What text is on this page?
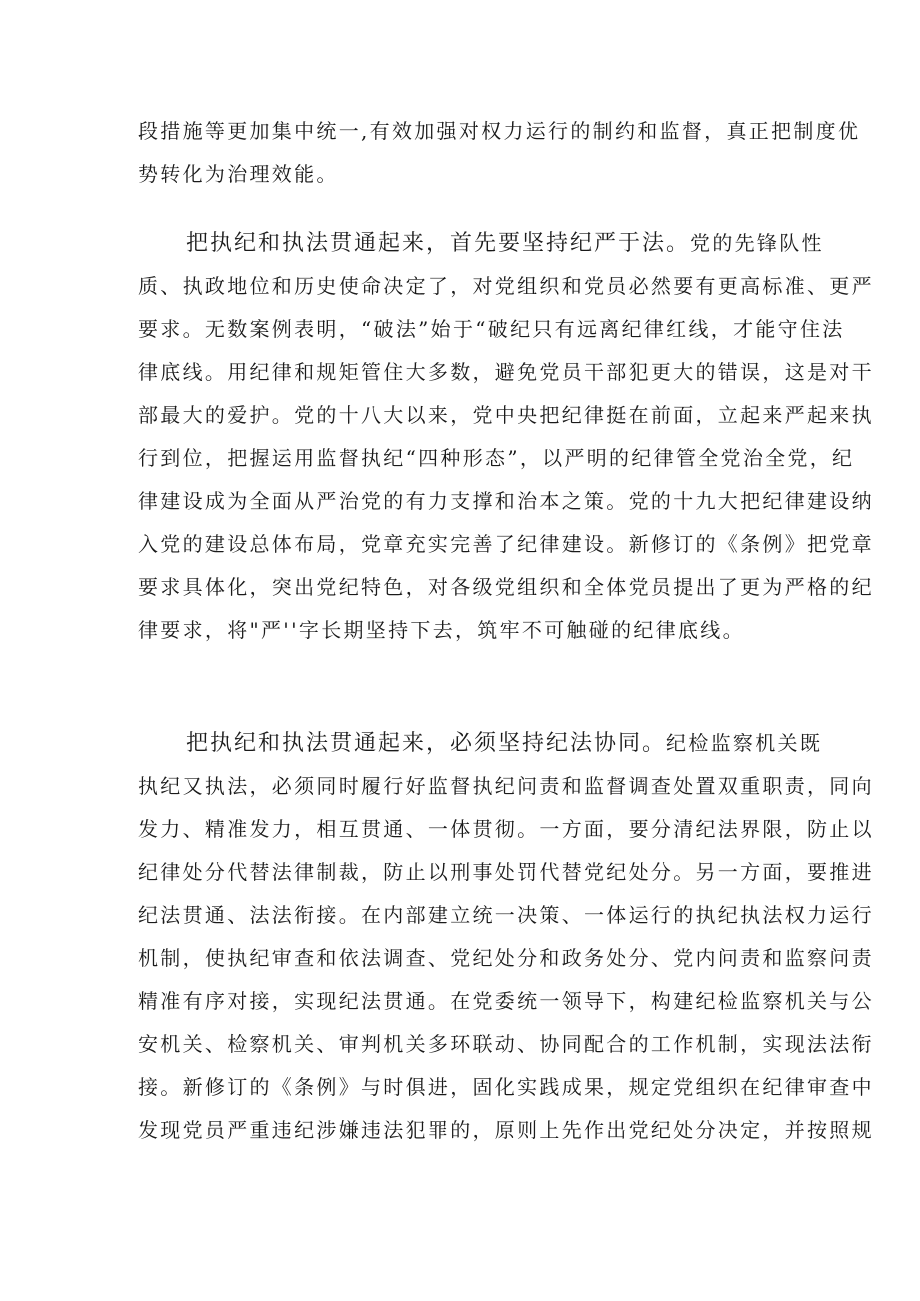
段措施等更加集中统一,有效加强对权力运行的制约和监督，真正把制度优
势转化为治理效能。
把执纪和执法贯通起来，首先要坚持纪严于法。党的先锋队性
质、执政地位和历史使命决定了，对党组织和党员必然要有更高标准、更严
要求。无数案例表明，“破法”始于“破纪只有远离纪律红线，才能守住法
律底线。用纪律和规矩管住大多数，避免党员干部犯更大的错误，这是对干
部最大的爱护。党的十八大以来，党中央把纪律挺在前面，立起来严起来执
行到位，把握运用监督执纪“四种形态”，以严明的纪律管全党治全党，纪
律建设成为全面从严治党的有力支撑和治本之策。党的十九大把纪律建设纳
入党的建设总体布局，党章充实完善了纪律建设。新修订的《条例》把党章
要求具体化，突出党纪特色，对各级党组织和全体党员提出了更为严格的纪
律要求，将"严''字长期坚持下去，筑牢不可触碰的纪律底线。
把执纪和执法贯通起来，必须坚持纪法协同。纪检监察机关既
执纪又执法，必须同时履行好监督执纪问责和监督调查处置双重职责，同向
发力、精准发力，相互贯通、一体贯彻。一方面，要分清纪法界限，防止以
纪律处分代替法律制裁，防止以刑事处罚代替党纪处分。另一方面，要推进
纪法贯通、法法衔接。在内部建立统一决策、一体运行的执纪执法权力运行
机制，使执纪审查和依法调查、党纪处分和政务处分、党内问责和监察问责
精准有序对接，实现纪法贯通。在党委统一领导下，构建纪检监察机关与公
安机关、检察机关、审判机关多环联动、协同配合的工作机制，实现法法衔
接。新修订的《条例》与时俱进，固化实践成果，规定党组织在纪律审查中
发现党员严重违纪涉嫌违法犯罪的，原则上先作出党纪处分决定，并按照规
